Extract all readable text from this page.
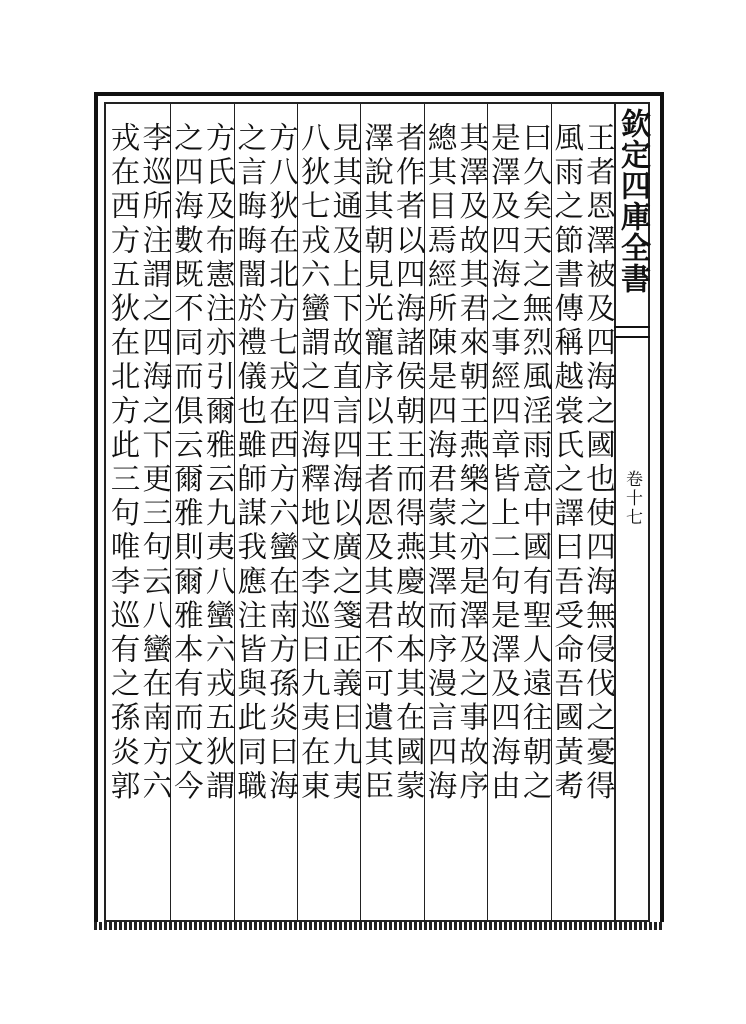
欽定四庫全書
卷十七
王者恩澤被及四海之國也使四海無侵伐之憂得
風雨之節書傳稱越裳氏之譯曰吾受命吾國黃耇
曰久矣天之無烈風淫雨意中國有聖人遠往朝之
是澤及四海之事經四章皆上二句是澤及四海由
其澤及故其君來朝王燕樂之亦是澤及之事故序
總其目焉經所陳是四海君蒙其澤而序漫言四海
者作者以四海諸侯朝王而得燕慶故本其在國蒙
澤說其朝見光寵序以王者恩及其君不可遺其臣
見其通及上下故直言四海以廣之箋正義曰九夷
八狄七戎六蠻謂之四海釋地文李巡曰九夷在東
方八狄在北方七戎在西方六蠻在南方孫炎曰海
之言晦晦闇於禮儀也雖師謀我應注皆與此同職
方氏及布憲注亦引爾雅云九夷八蠻六戎五狄謂
之四海數既不同而俱云爾雅則爾雅本有而文今
李巡所注謂之四海之下更三句云八蠻在南方六
戎在西方五狄在北方此三句唯李巡有之孫炎郭
